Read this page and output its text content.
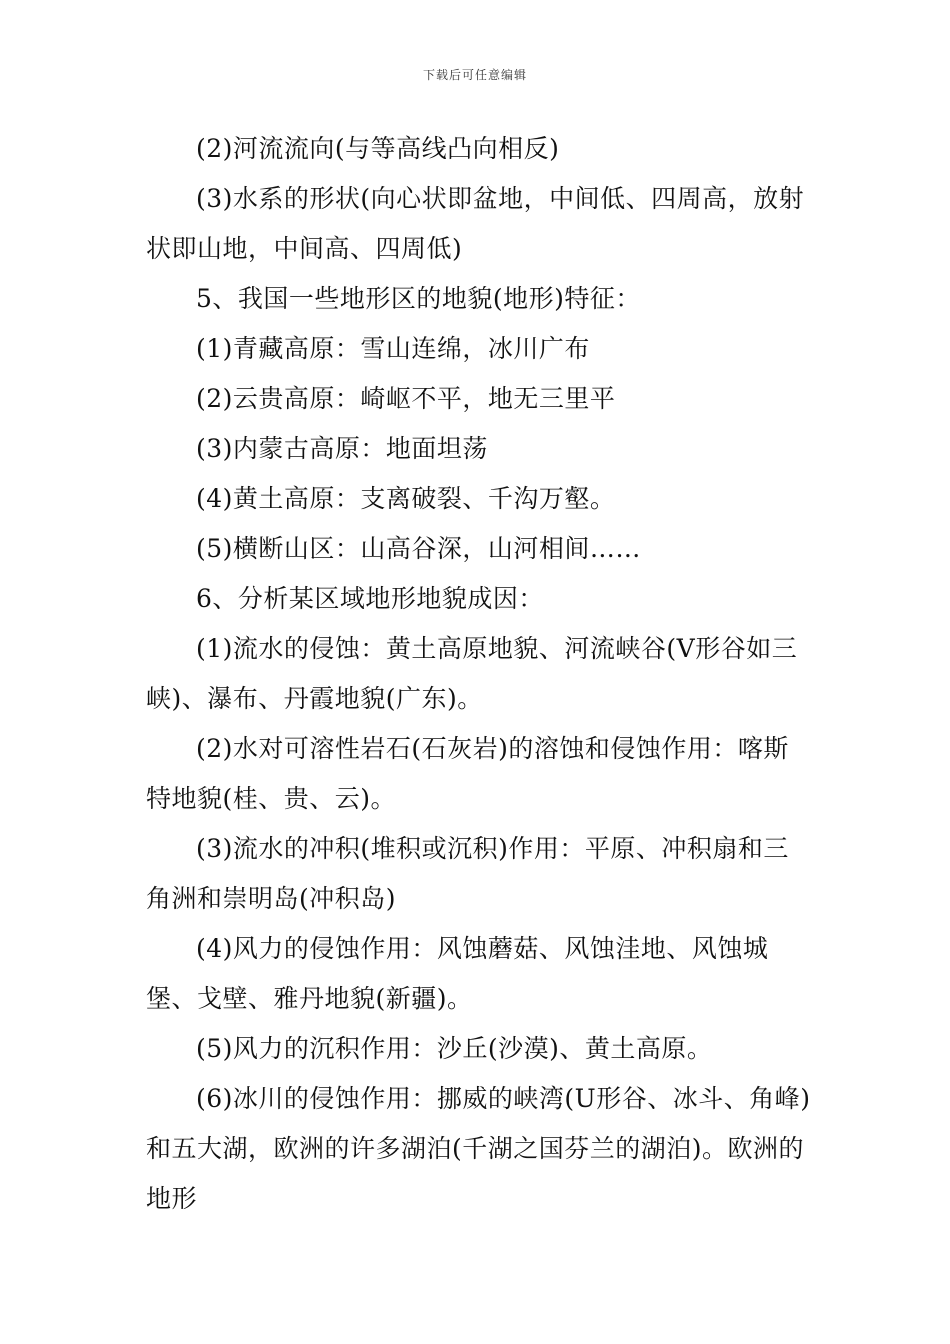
下载后可任意编辑

(2)河流流向(与等高线凸向相反)

(3)水系的形状(向心状即盆地，中间低、四周高，放射状即山地，中间高、四周低)

5、我国一些地形区的地貌(地形)特征：

(1)青藏高原：雪山连绵，冰川广布

(2)云贵高原：崎岖不平，地无三里平

(3)内蒙古高原：地面坦荡

(4)黄土高原：支离破裂、千沟万壑。

(5)横断山区：山高谷深，山河相间……

6、分析某区域地形地貌成因：

(1)流水的侵蚀：黄土高原地貌、河流峡谷(V形谷如三峡)、瀑布、丹霞地貌(广东)。

(2)水对可溶性岩石(石灰岩)的溶蚀和侵蚀作用：喀斯特地貌(桂、贵、云)。

(3)流水的冲积(堆积或沉积)作用：平原、冲积扇和三角洲和崇明岛(冲积岛)

(4)风力的侵蚀作用：风蚀蘑菇、风蚀洼地、风蚀城堡、戈壁、雅丹地貌(新疆)。

(5)风力的沉积作用：沙丘(沙漠)、黄土高原。

(6)冰川的侵蚀作用：挪威的峡湾(U形谷、冰斗、角峰)和五大湖，欧洲的许多湖泊(千湖之国芬兰的湖泊)。欧洲的地形
